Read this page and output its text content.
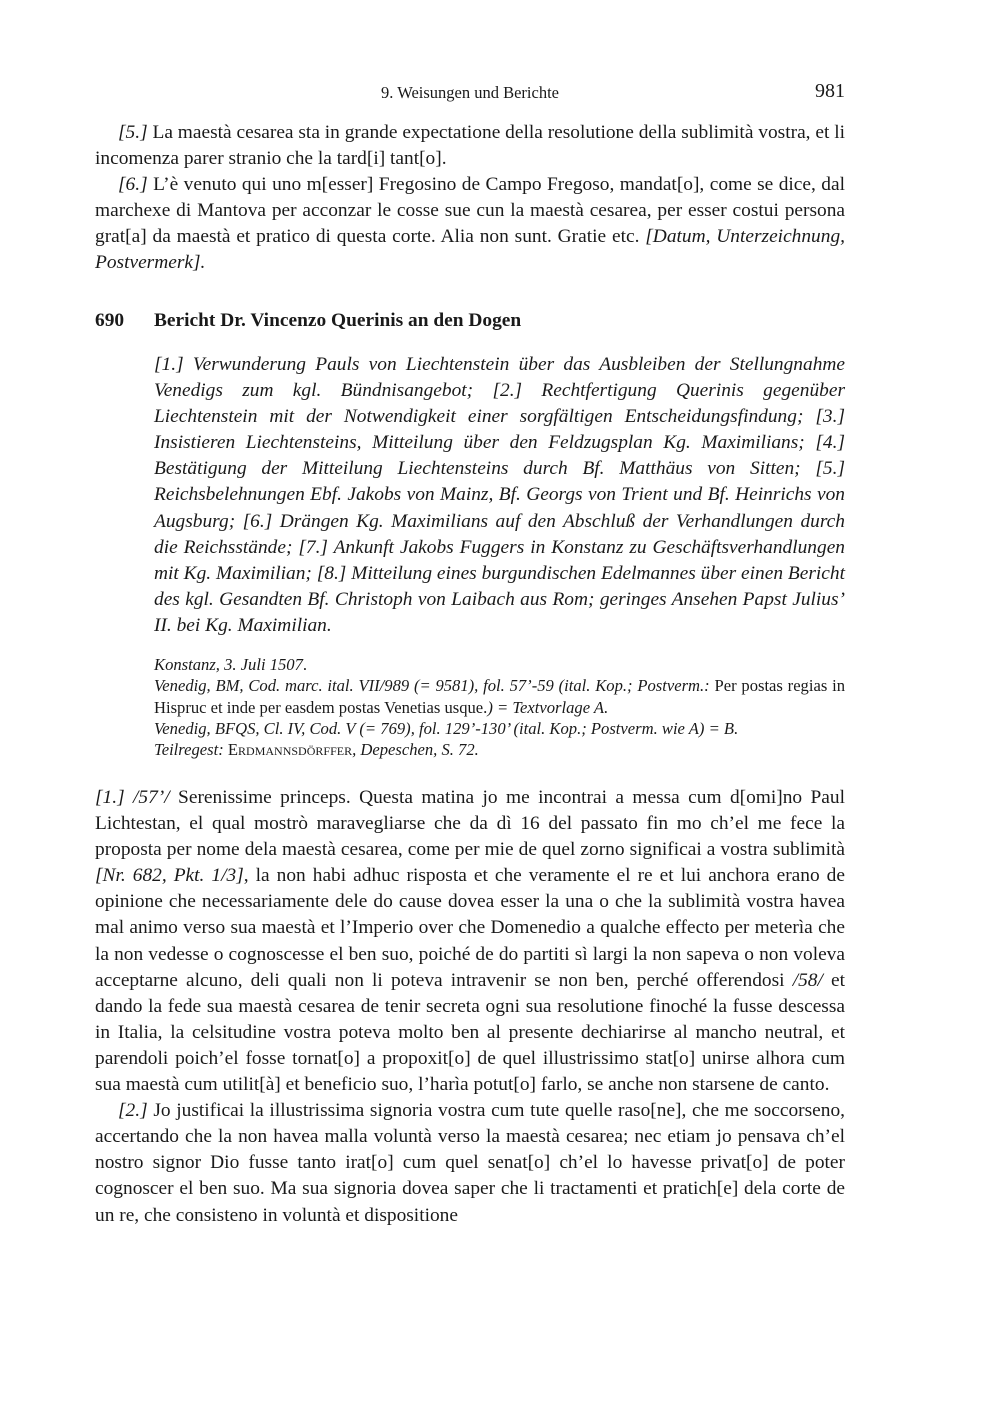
9. Weisungen und Berichte	981

[5.] La maestà cesarea sta in grande expectatione della resolutione della sublimità vostra, et li incomenza parer stranio che la tard[i] tant[o].

[6.] L’è venuto qui uno m[esser] Fregosino de Campo Fregoso, mandat[o], come se dice, dal marchexe di Mantova per acconzar le cosse sue cun la maestà cesarea, per esser costui persona grat[a] da maestà et pratico di questa corte. Alia non sunt. Gratie etc. [Datum, Unterzeichnung, Postvermerk].

690 Bericht Dr. Vincenzo Querinis an den Dogen

[1.] Verwunderung Pauls von Liechtenstein über das Ausbleiben der Stellungnahme Venedigs zum kgl. Bündnisangebot; [2.] Rechtfertigung Querinis gegenüber Liechtenstein mit der Notwendigkeit einer sorgfältigen Entscheidungsfindung; [3.] Insistieren Liechtensteins, Mitteilung über den Feldzugsplan Kg. Maximilians; [4.] Bestätigung der Mitteilung Liechtensteins durch Bf. Matthäus von Sitten; [5.] Reichsbelehnungen Ebf. Jakobs von Mainz, Bf. Georgs von Trient und Bf. Heinrichs von Augsburg; [6.] Drängen Kg. Maximilians auf den Abschluß der Verhandlungen durch die Reichsstände; [7.] Ankunft Jakobs Fuggers in Konstanz zu Geschäftsverhandlungen mit Kg. Maximilian; [8.] Mitteilung eines burgundischen Edelmannes über einen Bericht des kgl. Gesandten Bf. Christoph von Laibach aus Rom; geringes Ansehen Papst Julius’ II. bei Kg. Maximilian.

Konstanz, 3. Juli 1507.

Venedig, BM, Cod. marc. ital. VII/989 (= 9581), fol. 57’-59 (ital. Kop.; Postverm.: Per postas regias in Hispruc et inde per easdem postas Venetias usque.) = Textvorlage A.

Venedig, BFQS, Cl. IV, Cod. V (= 769), fol. 129’-130’ (ital. Kop.; Postverm. wie A) = B.

Teilregest: Erdmannsdörffer, Depeschen, S. 72.

[1.] /57’/ Serenissime princeps. Questa matina jo me incontrai a messa cum d[omi]no Paul Lichtestan, el qual mostrò maravegliarse che da dì 16 del passato fin mo ch’el me fece la proposta per nome dela maestà cesarea, come per mie de quel zorno significai a vostra sublimità [Nr. 682, Pkt. 1/3], la non habi adhuc risposta et che veramente el re et lui anchora erano de opinione che necessariamente dele do cause dovea esser la una o che la sublimità vostra havea mal animo verso sua maestà et l’Imperio over che Domenedio a qualche effecto per meterìa che la non vedesse o cognoscesse el ben suo, poiché de do partiti sì largi la non sapeva o non voleva acceptarne alcuno, deli quali non li poteva intravenir se non ben, perché offerendosi /58/ et dando la fede sua maestà cesarea de tenir secreta ogni sua resolutione finoché la fusse descessa in Italia, la celsitudine vostra poteva molto ben al presente dechiarirse al mancho neutral, et parendoli poich’el fosse tornat[o] a propoxit[o] de quel illustrissimo stat[o] unirse alhora cum sua maestà cum utilit[à] et beneficio suo, l’harìa potut[o] farlo, se anche non starsene de canto.

[2.] Jo justificai la illustrissima signoria vostra cum tute quelle raso[ne], che me soccorseno, accertando che la non havea malla voluntà verso la maestà cesarea; nec etiam jo pensava ch’el nostro signor Dio fusse tanto irat[o] cum quel senat[o] ch’el lo havesse privat[o] de poter cognoscer el ben suo. Ma sua signoria dovea saper che li tractamenti et pratich[e] dela corte de un re, che consisteno in voluntà et dispositione
